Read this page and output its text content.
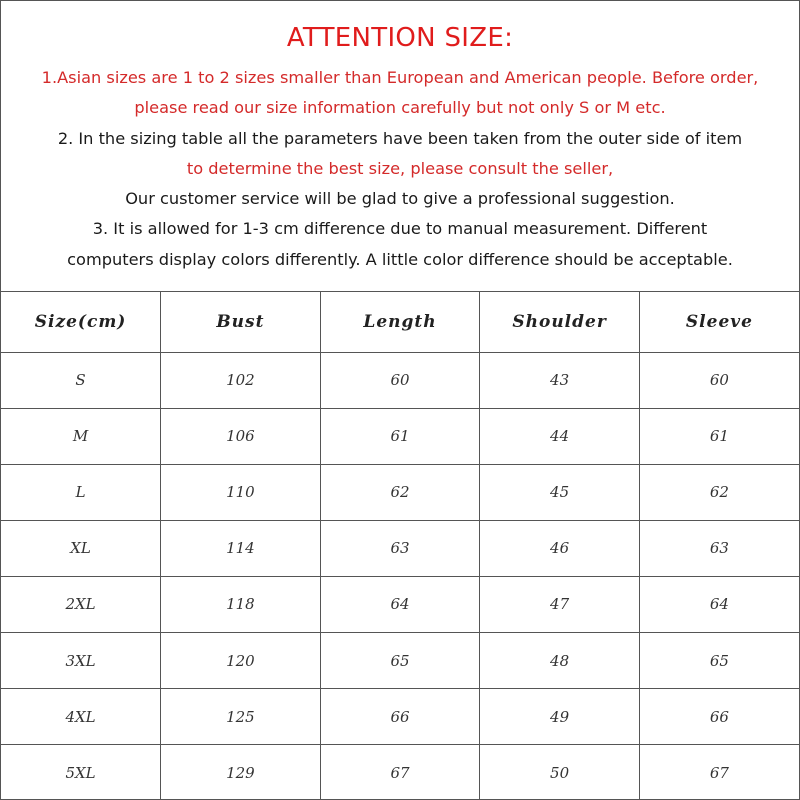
ATTENTION SIZE:
1.Asian sizes are 1 to 2 sizes smaller than European and American people. Before order,
please read our size information carefully but not only S or M etc.
2. In the sizing table all the parameters have been taken from the outer side of item
to determine the best size, please consult the seller,
Our customer service will be glad to give a professional suggestion.
3. It is allowed for 1-3 cm difference due to manual measurement. Different
computers display colors differently. A little color difference should be acceptable.
Size(cm)	Bust	Length	Shoulder	Sleeve
S	102	60	43	60
M	106	61	44	61
L	110	62	45	62
XL	114	63	46	63
2XL	118	64	47	64
3XL	120	65	48	65
4XL	125	66	49	66
5XL	129	67	50	67
